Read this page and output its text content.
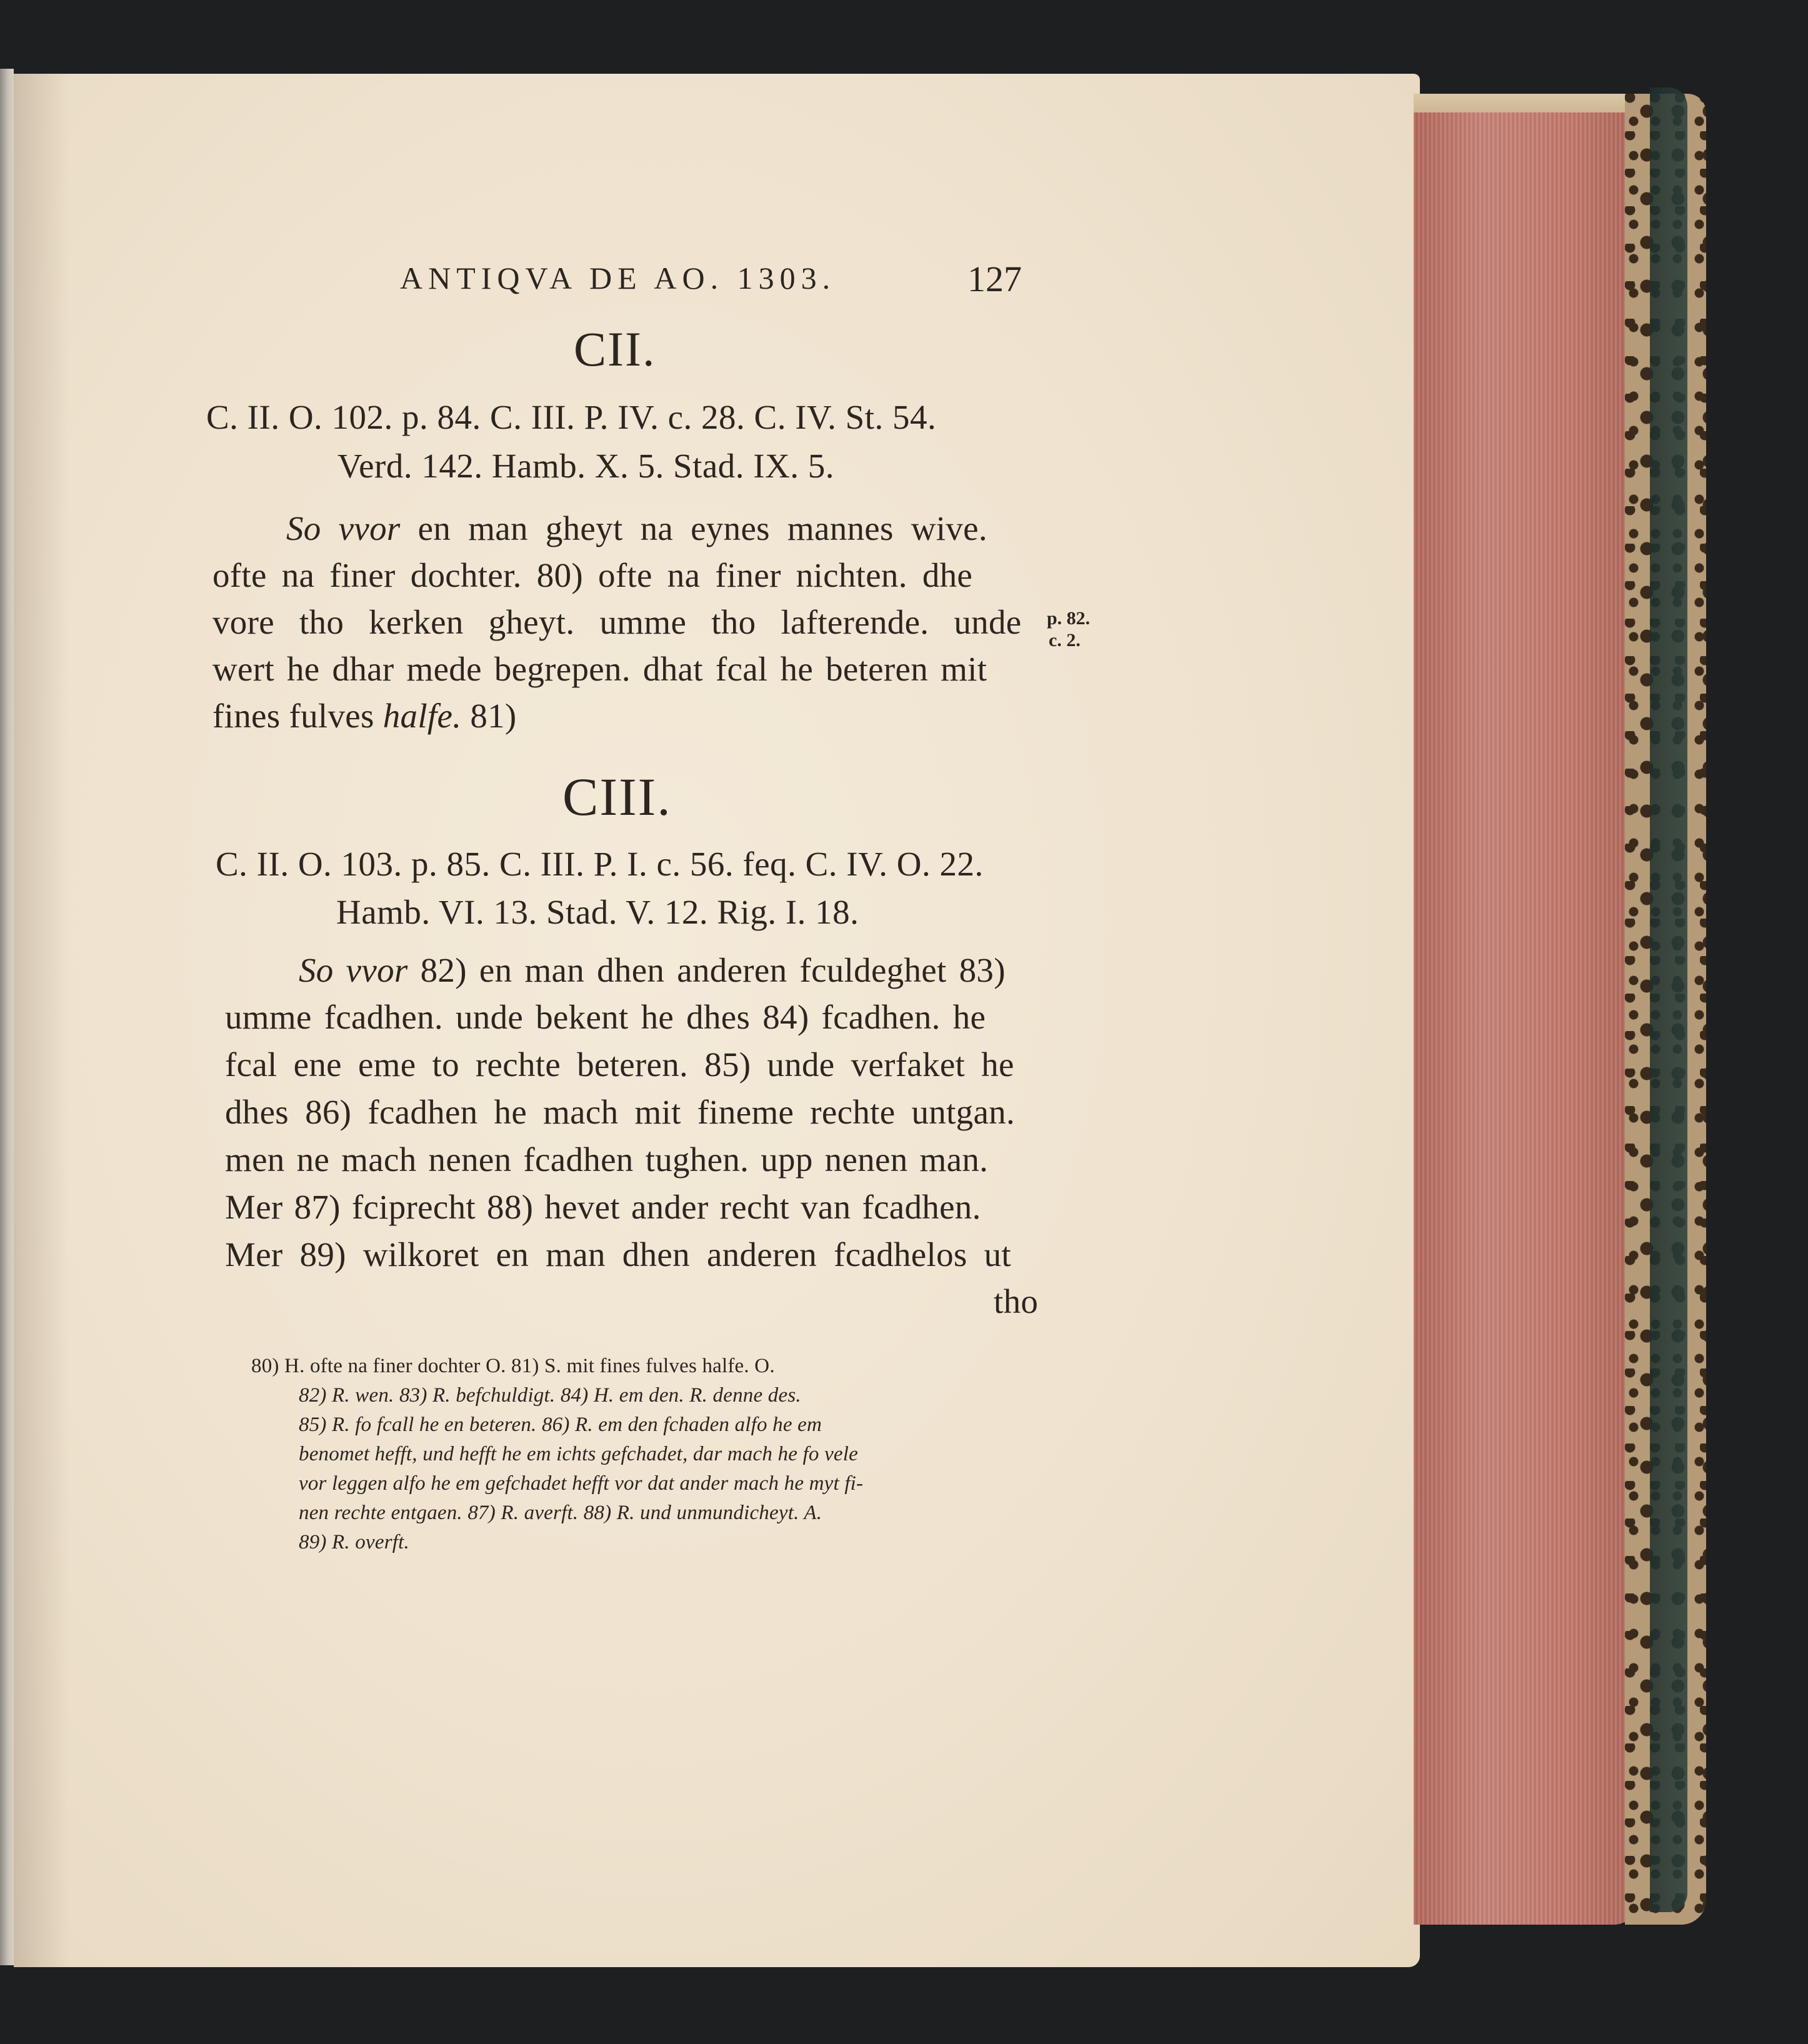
ANTIQVA DE AO. 1303.	127
CII.
C. II. O. 102. p. 84. C. III. P. IV. c. 28. C. IV. St. 54.
Verd. 142. Hamb. X. 5. Stad. IX. 5.
So vvor en man gheyt na eynes mannes wive.
ofte na finer dochter. 80) ofte na finer nichten. dhe
vore tho kerken gheyt. umme tho lafterende. unde
wert he dhar mede begrepen. dhat fcal he beteren mit
fines fulves halfe. 81)
p. 82.
c. 2.
CIII.
C. II. O. 103. p. 85. C. III. P. I. c. 56. feq. C. IV. O. 22.
Hamb. VI. 13. Stad. V. 12. Rig. I. 18.
So vvor 82) en man dhen anderen fculdeghet 83)
umme fcadhen. unde bekent he dhes 84) fcadhen. he
fcal ene eme to rechte beteren. 85) unde verfaket he
dhes 86) fcadhen he mach mit fineme rechte untgan.
men ne mach nenen fcadhen tughen. upp nenen man.
Mer 87) fciprecht 88) hevet ander recht van fcadhen.
Mer 89) wilkoret en man dhen anderen fcadhelos ut
tho
80) H. ofte na finer dochter O. 81) S. mit fines fulves halfe. O.
82) R. wen. 83) R. befchuldigt. 84) H. em den. R. denne des.
85) R. fo fcall he en beteren. 86) R. em den fchaden alfo he em
benomet hefft, und hefft he em ichts gefchadet, dar mach he fo vele
vor leggen alfo he em gefchadet hefft vor dat ander mach he myt fi-
nen rechte entgaen. 87) R. averft. 88) R. und unmundicheyt. A.
89) R. overft.
